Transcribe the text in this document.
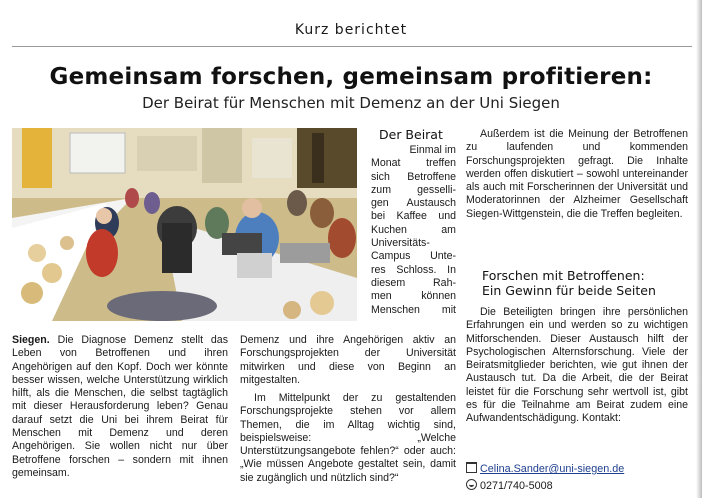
Kurz berichtet
Gemeinsam forschen, gemeinsam profitieren:
Der Beirat für Menschen mit Demenz an der Uni Siegen

Siegen. Die Diagnose Demenz stellt das Leben von Betroffenen und ihren Angehörigen auf den Kopf. Doch wer könnte besser wissen, welche Unterstützung wirklich hilft, als die Menschen, die selbst tagtäglich mit dieser Herausforderung leben? Genau darauf setzt die Uni bei ihrem Beirat für Menschen mit Demenz und deren Angehörigen. Sie wollen nicht nur über Betroffene forschen – sondern mit ihnen gemeinsam.

Der Beirat
Einmal im
Monat treffen
sich Betroffene
zum gesselli-
gen Austausch
bei Kaffee und
Kuchen am
Universitäts-
Campus Unte-
res Schloss. In
diesem Rah-
men können
Menschen mit

Demenz und ihre Angehörigen aktiv an Forschungsprojekten der Universität mitwirken und diese von Beginn an mitgestalten.

Im Mittelpunkt der zu gestaltenden Forschungsprojekte stehen vor allem Themen, die im Alltag wichtig sind, beispielsweise: „Welche Unterstützungsangebote fehlen?“ oder auch: „Wie müssen Angebote gestaltet sein, damit sie zugänglich und nützlich sind?“

Außerdem ist die Meinung der Betroffenen zu laufenden und kommenden Forschungsprojekten gefragt. Die Inhalte werden offen diskutiert – sowohl untereinander als auch mit Forscherinnen der Universität und Moderatorinnen der Alzheimer Gesellschaft Siegen-Wittgenstein, die die Treffen begleiten.

Forschen mit Betroffenen:
Ein Gewinn für beide Seiten

Die Beteiligten bringen ihre persönlichen Erfahrungen ein und werden so zu wichtigen Mitforschenden. Dieser Austausch hilft der Psychologischen Alternsforschung. Viele der Beiratsmitglieder berichten, wie gut ihnen der Austausch tut. Da die Arbeit, die der Beirat leistet für die Forschung sehr wertvoll ist, gibt es für die Teilnahme am Beirat zudem eine Aufwandentschädigung. Kontakt:

Celina.Sander@uni-siegen.de
0271/740-5008
